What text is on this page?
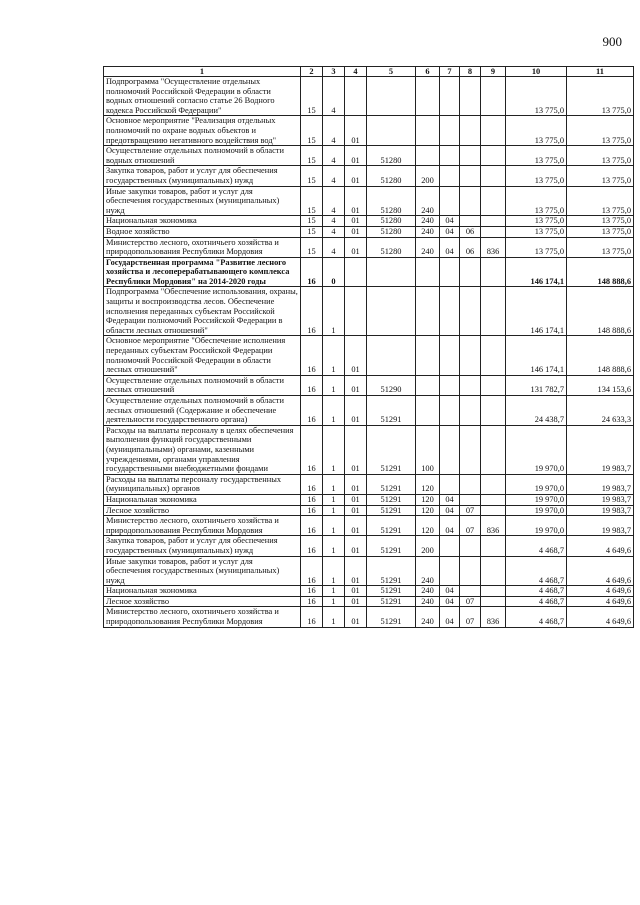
900
1	2	3	4	5	6	7	8	9	10	11
Подпрограмма "Осуществление отдельных полномочий Российской Федерации в области водных отношений согласно статье 26 Водного кодекса Российской Федерации"	15	4							13 775,0	13 775,0
Основное мероприятие "Реализация отдельных полномочий по охране водных объектов и предотвращению негативного воздействия вод"	15	4	01						13 775,0	13 775,0
Осуществление отдельных полномочий в области водных отношений	15	4	01	51280					13 775,0	13 775,0
Закупка товаров, работ и услуг для обеспечения государственных (муниципальных) нужд	15	4	01	51280	200				13 775,0	13 775,0
Иные закупки товаров, работ и услуг для обеспечения государственных (муниципальных) нужд	15	4	01	51280	240				13 775,0	13 775,0
Национальная экономика	15	4	01	51280	240	04			13 775,0	13 775,0
Водное хозяйство	15	4	01	51280	240	04	06		13 775,0	13 775,0
Министерство лесного, охотничьего хозяйства и природопользования Республики Мордовия	15	4	01	51280	240	04	06	836	13 775,0	13 775,0
Государственная программа "Развитие лесного хозяйства и лесоперерабатывающего комплекса Республики Мордовия" на 2014-2020 годы	16	0							146 174,1	148 888,6
Подпрограмма "Обеспечение использования, охраны, защиты и воспроизводства лесов. Обеспечение исполнения переданных субъектам Российской Федерации полномочий Российской Федерации в области лесных отношений"	16	1							146 174,1	148 888,6
Основное мероприятие "Обеспечение исполнения переданных субъектам Российской Федерации полномочий Российской Федерации в области лесных отношений"	16	1	01						146 174,1	148 888,6
Осуществление отдельных полномочий в области лесных отношений	16	1	01	51290					131 782,7	134 153,6
Осуществление отдельных полномочий в области лесных отношений (Содержание и обеспечение деятельности государственного органа)	16	1	01	51291					24 438,7	24 633,3
Расходы на выплаты персоналу в целях обеспечения выполнения функций государственными (муниципальными) органами, казенными учреждениями, органами управления государственными внебюджетными фондами	16	1	01	51291	100				19 970,0	19 983,7
Расходы на выплаты персоналу государственных (муниципальных) органов	16	1	01	51291	120				19 970,0	19 983,7
Национальная экономика	16	1	01	51291	120	04			19 970,0	19 983,7
Лесное хозяйство	16	1	01	51291	120	04	07		19 970,0	19 983,7
Министерство лесного, охотничьего хозяйства и природопользования Республики Мордовия	16	1	01	51291	120	04	07	836	19 970,0	19 983,7
Закупка товаров, работ и услуг для обеспечения государственных (муниципальных) нужд	16	1	01	51291	200				4 468,7	4 649,6
Иные закупки товаров, работ и услуг для обеспечения государственных (муниципальных) нужд	16	1	01	51291	240				4 468,7	4 649,6
Национальная экономика	16	1	01	51291	240	04			4 468,7	4 649,6
Лесное хозяйство	16	1	01	51291	240	04	07		4 468,7	4 649,6
Министерство лесного, охотничьего хозяйства и природопользования Республики Мордовия	16	1	01	51291	240	04	07	836	4 468,7	4 649,6
